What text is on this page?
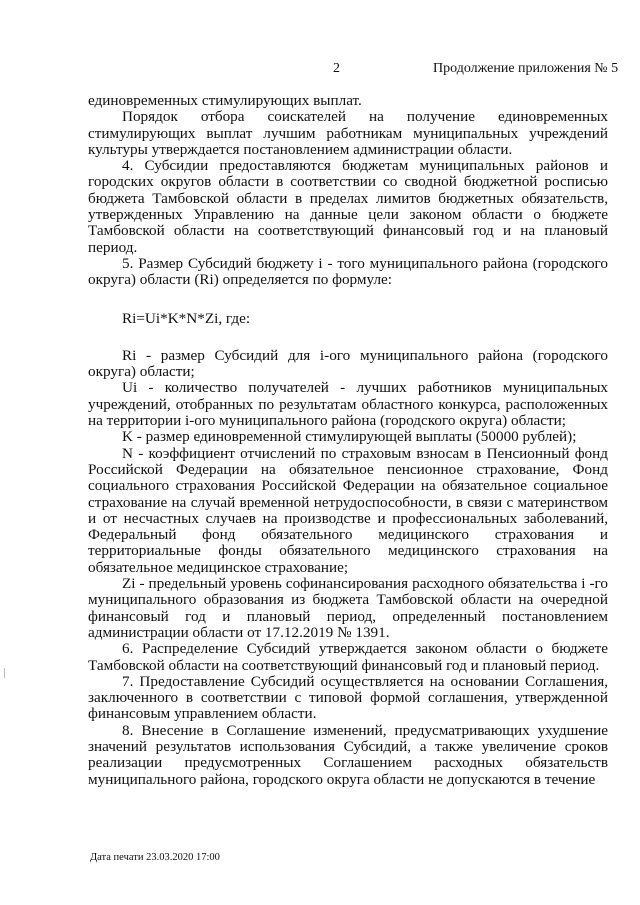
2	Продолжение приложения № 5

единовременных стимулирующих выплат.

Порядок отбора соискателей на получение единовременных стимулирующих выплат лучшим работникам муниципальных учреждений культуры утверждается постановлением администрации области.

4. Субсидии предоставляются бюджетам муниципальных районов и городских округов области в соответствии со сводной бюджетной росписью бюджета Тамбовской области в пределах лимитов бюджетных обязательств, утвержденных Управлению на данные цели законом области о бюджете Тамбовской области на соответствующий финансовый год и на плановый период.

5. Размер Субсидий бюджету i - того муниципального района (городского округа) области (Ri) определяется по формуле:

Ri=Ui*K*N*Zi, где:

Ri - размер Субсидий для i-ого муниципального района (городского округа) области;

Ui - количество получателей - лучших работников муниципальных учреждений, отобранных по результатам областного конкурса, расположенных на территории i-ого муниципального района (городского округа) области;

K - размер единовременной стимулирующей выплаты (50000 рублей);

N - коэффициент отчислений по страховым взносам в Пенсионный фонд Российской Федерации на обязательное пенсионное страхование, Фонд социального страхования Российской Федерации на обязательное социальное страхование на случай временной нетрудоспособности, в связи с материнством и от несчастных случаев на производстве и профессиональных заболеваний, Федеральный фонд обязательного медицинского страхования и территориальные фонды обязательного медицинского страхования на обязательное медицинское страхование;

Zi - предельный уровень софинансирования расходного обязательства i -го муниципального образования из бюджета Тамбовской области на очередной финансовый год и плановый период, определенный постановлением администрации области от 17.12.2019 № 1391.

6. Распределение Субсидий утверждается законом области о бюджете Тамбовской области на соответствующий финансовый год и плановый период.

7. Предоставление Субсидий осуществляется на основании Соглашения, заключенного в соответствии с типовой формой соглашения, утвержденной финансовым управлением области.

8. Внесение в Соглашение изменений, предусматривающих ухудшение значений результатов использования Субсидий, а также увеличение сроков реализации предусмотренных Соглашением расходных обязательств муниципального района, городского округа области не допускаются в течение

Дата печати 23.03.2020 17:00
